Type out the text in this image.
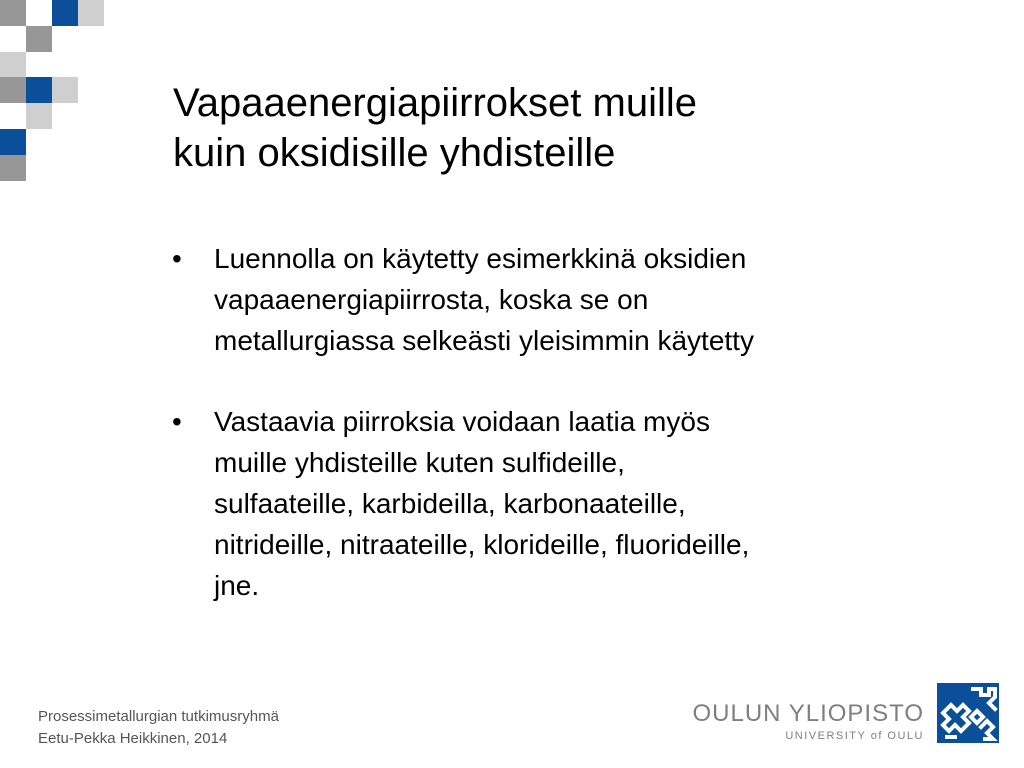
Vapaaenergiapiirrokset muille
kuin oksidisille yhdisteille
• Luennolla on käytetty esimerkkinä oksidien
vapaaenergiapiirrosta, koska se on
metallurgiassa selkeästi yleisimmin käytetty
• Vastaavia piirroksia voidaan laatia myös
muille yhdisteille kuten sulfideille,
sulfaateille, karbideilla, karbonaateille,
nitrideille, nitraateille, klorideille, fluorideille,
jne.
Prosessimetallurgian tutkimusryhmä
Eetu-Pekka Heikkinen, 2014
OULUN YLIOPISTO
UNIVERSITY of OULU
